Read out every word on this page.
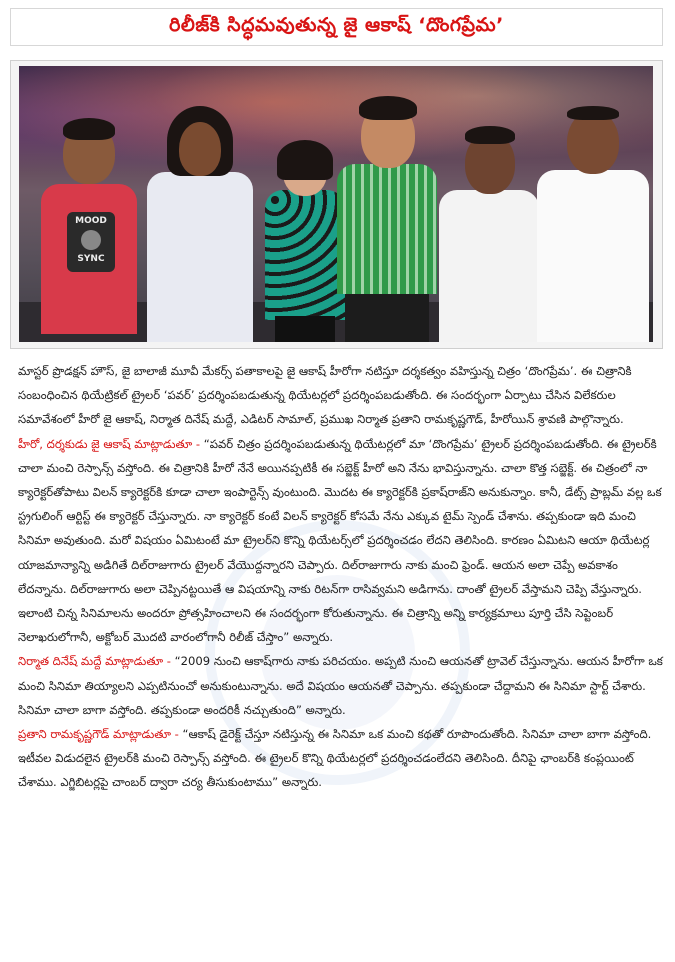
రిలీజ్‌కి సిద్ధమవుతున్న జై ఆకాష్ ‘దొంగప్రేమ’
MOOD
SYNC

మాస్టర్ ప్రొడక్షన్ హౌస్, జై బాలాజీ మూవీ మేకర్స్ పతాకాలపై జై ఆకాష్ హీరోగా నటిస్తూ దర్శకత్వం వహిస్తున్న చిత్రం ‘దొంగప్రేమ’. ఈ చిత్రానికి సంబంధించిన థియేట్రికల్ ట్రైలర్ ‘పవర్’ ప్రదర్శింపబడుతున్న థియేటర్లలో ప్రదర్శింపబడుతోంది. ఈ సందర్భంగా ఏర్పాటు చేసిన విలేకరుల సమావేశంలో హీరో జై ఆకాష్, నిర్మాత దినేష్ మద్దే, ఎడిటర్ సామాల్, ప్రముఖ నిర్మాత ప్రతాని రామకృష్ణగౌడ్, హీరోయిన్ శ్రావణి పాల్గొన్నారు.

హీరో, దర్శకుడు జై ఆకాష్ మాట్లాడుతూ - “పవర్ చిత్రం ప్రదర్శింపబడుతున్న థియేటర్లలో మా ‘దొంగప్రేమ’ ట్రైలర్ ప్రదర్శింపబడుతోంది. ఈ ట్రైలర్‌కి చాలా మంచి రెస్పాన్స్ వస్తోంది. ఈ చిత్రానికి హీరో నేనే అయినప్పటికీ ఈ సబ్జెక్ట్ హీరో అని నేను భావిస్తున్నాను. చాలా కొత్త సబ్జెక్ట్. ఈ చిత్రంలో నా క్యారెక్టర్‌తోపాటు విలన్ క్యారెక్టర్‌కి కూడా చాలా ఇంపార్టెన్స్ వుంటుంది. మొదట ఈ క్యారెక్టర్‌కి ప్రకాష్‌రాజ్‌ని అనుకున్నాం. కానీ, డేట్స్ ప్రాబ్లమ్ వల్ల ఒక స్ట్రగులింగ్ ఆర్టిస్ట్ ఈ క్యారెక్టర్ చేస్తున్నారు. నా క్యారెక్టర్ కంటే విలన్ క్యారెక్టర్ కోసమే నేను ఎక్కువ టైమ్ స్పెండ్ చేశాను. తప్పకుండా ఇది మంచి సినిమా అవుతుంది. మరో విషయం ఏమిటంటే మా ట్రైలర్‌ని కొన్ని థియేటర్స్‌లో ప్రదర్శించడం లేదని తెలిసింది. కారణం ఏమిటని ఆయా థియేటర్ల యాజమాన్యాన్ని అడిగితే దిల్‌రాజుగారు ట్రైలర్ వేయొద్దన్నారని చెప్పారు. దిల్‌రాజుగారు నాకు మంచి ఫ్రెండ్. ఆయన అలా చెప్పే అవకాశం లేదన్నాను. దిల్‌రాజుగారు అలా చెప్పినట్టయితే ఆ విషయాన్ని నాకు రిటన్‌గా రాసివ్వమని అడిగాను. దాంతో ట్రైలర్ వేస్తామని చెప్పి వేస్తున్నారు. ఇలాంటి చిన్న సినిమాలను అందరూ ప్రోత్సహించాలని ఈ సందర్భంగా కోరుతున్నాను. ఈ చిత్రాన్ని అన్ని కార్యక్రమాలు పూర్తి చేసి సెప్టెంబర్ నెలాఖరులోగానీ, అక్టోబర్ మొదటి వారంలోగానీ రిలీజ్ చేస్తాం” అన్నారు.

నిర్మాత దినేష్ మద్దే మాట్లాడుతూ - “2009 నుంచి ఆకాష్‌గారు నాకు పరిచయం. అప్పటి నుంచి ఆయనతో ట్రావెల్ చేస్తున్నాను. ఆయన హీరోగా ఒక మంచి సినిమా తియ్యాలని ఎప్పటినుంచో అనుకుంటున్నాను. అదే విషయం ఆయనతో చెప్పాను. తప్పకుండా చేద్దామని ఈ సినిమా స్టార్ట్ చేశారు. సినిమా చాలా బాగా వస్తోంది. తప్పకుండా అందరికీ నచ్చుతుంది” అన్నారు.

ప్రతాని రామకృష్ణగౌడ్ మాట్లాడుతూ - “ఆకాష్ డైరెక్ట్ చేస్తూ నటిస్తున్న ఈ సినిమా ఒక మంచి కథతో రూపొందుతోంది. సినిమా చాలా బాగా వస్తోంది. ఇటీవల విడుదలైన ట్రైలర్‌కి మంచి రెస్పాన్స్ వస్తోంది. ఈ ట్రైలర్ కొన్ని థియేటర్లలో ప్రదర్శించడంలేదని తెలిసింది. దీనిపై ఛాంబర్‌కి కంప్లయింట్ చేశాము. ఎగ్జిబిటర్లపై చాంబర్ ద్వారా చర్య తీసుకుంటాము” అన్నారు.
